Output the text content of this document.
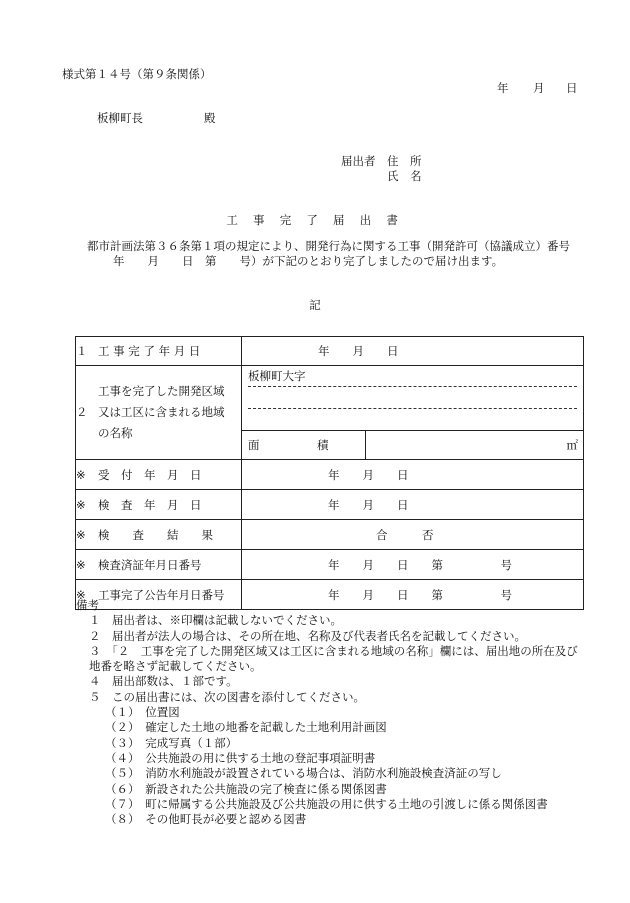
様式第１４号（第９条関係）
年 月 日
板柳町長	殿
届出者 住　所
氏　名
工 事 完 了 届 出 書
都市計画法第３６条第１項の規定により、開発行為に関する工事（開発許可（協議成立）番号
年　　月　　日　第　　号）が下記のとおり完了しましたので届け出ます。
記
１ 工 事 完 了 年 月 日	年　　月　　日	

２
工事を完了した開発区域
又は工区に含まれる地域
の名称	板柳町大字	

	面　　　　　積	㎡
※ 受　付　年　月　日	年　　月　　日	
※ 検　査　年　月　日	年　　月　　日	
※ 検　　査　　結　　果	合　　　否	
※ 検査済証年月日番号	年　　月　　日　　第　　　　　号	
※ 工事完了公告年月日番号	年　　月　　日　　第　　　　　号	
備考
１　届出者は、※印欄は記載しないでください。
２　届出者が法人の場合は、その所在地、名称及び代表者氏名を記載してください。
３　「２　工事を完了した開発区域又は工区に含まれる地域の名称」欄には、届出地の所在及び
地番を略さず記載してください。
４　届出部数は、１部です。
５　この届出書には、次の図書を添付してください。
（１）　位置図
（２）　確定した土地の地番を記載した土地利用計画図
（３）　完成写真（１部）
（４）　公共施設の用に供する土地の登記事項証明書
（５）　消防水利施設が設置されている場合は、消防水利施設検査済証の写し
（６）　新設された公共施設の完了検査に係る関係図書
（７）　町に帰属する公共施設及び公共施設の用に供する土地の引渡しに係る関係図書
（８）　その他町長が必要と認める図書
